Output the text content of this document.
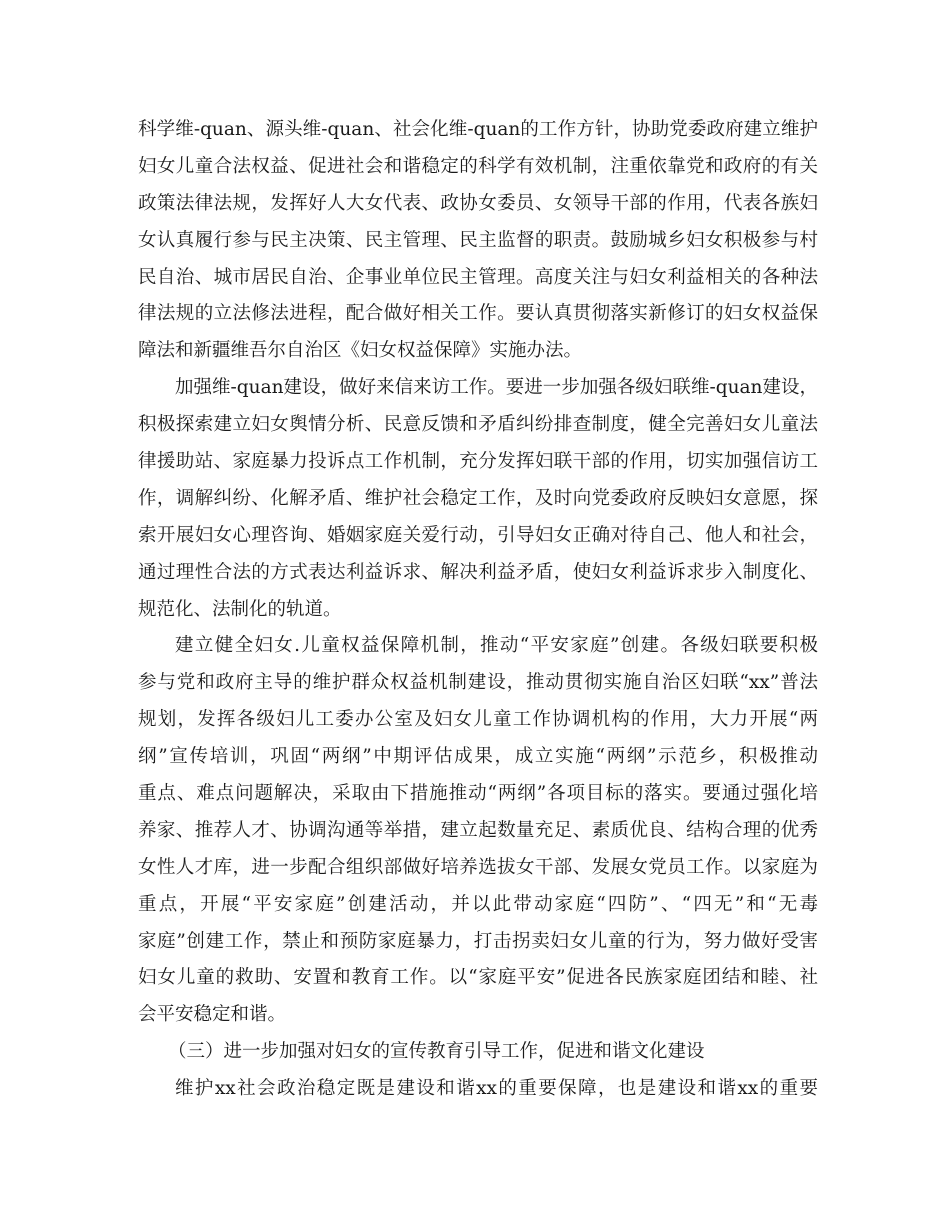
科学维-quan、源头维-quan、社会化维-quan的工作方针，协助党委政府建立维护
妇女儿童合法权益、促进社会和谐稳定的科学有效机制，注重依靠党和政府的有关
政策法律法规，发挥好人大女代表、政协女委员、女领导干部的作用，代表各族妇
女认真履行参与民主决策、民主管理、民主监督的职责。鼓励城乡妇女积极参与村
民自治、城市居民自治、企事业单位民主管理。高度关注与妇女利益相关的各种法
律法规的立法修法进程，配合做好相关工作。要认真贯彻落实新修订的妇女权益保
障法和新疆维吾尔自治区《妇女权益保障》实施办法。
加强维-quan建设，做好来信来访工作。要进一步加强各级妇联维-quan建设，
积极探索建立妇女舆情分析、民意反馈和矛盾纠纷排查制度，健全完善妇女儿童法
律援助站、家庭暴力投诉点工作机制，充分发挥妇联干部的作用，切实加强信访工
作，调解纠纷、化解矛盾、维护社会稳定工作，及时向党委政府反映妇女意愿，探
索开展妇女心理咨询、婚姻家庭关爱行动，引导妇女正确对待自己、他人和社会，
通过理性合法的方式表达利益诉求、解决利益矛盾，使妇女利益诉求步入制度化、
规范化、法制化的轨道。
建立健全妇女.儿童权益保障机制，推动“平安家庭”创建。各级妇联要积极
参与党和政府主导的维护群众权益机制建设，推动贯彻实施自治区妇联“xx”普法
规划，发挥各级妇儿工委办公室及妇女儿童工作协调机构的作用，大力开展“两
纲”宣传培训，巩固“两纲”中期评估成果，成立实施“两纲”示范乡，积极推动
重点、难点问题解决，采取由下措施推动“两纲”各项目标的落实。要通过强化培
养家、推荐人才、协调沟通等举措，建立起数量充足、素质优良、结构合理的优秀
女性人才库，进一步配合组织部做好培养选拔女干部、发展女党员工作。以家庭为
重点，开展“平安家庭”创建活动，并以此带动家庭“四防”、“四无”和“无毒
家庭”创建工作，禁止和预防家庭暴力，打击拐卖妇女儿童的行为，努力做好受害
妇女儿童的救助、安置和教育工作。以“家庭平安”促进各民族家庭团结和睦、社
会平安稳定和谐。
（三）进一步加强对妇女的宣传教育引导工作，促进和谐文化建设
维护xx社会政治稳定既是建设和谐xx的重要保障，也是建设和谐xx的重要
